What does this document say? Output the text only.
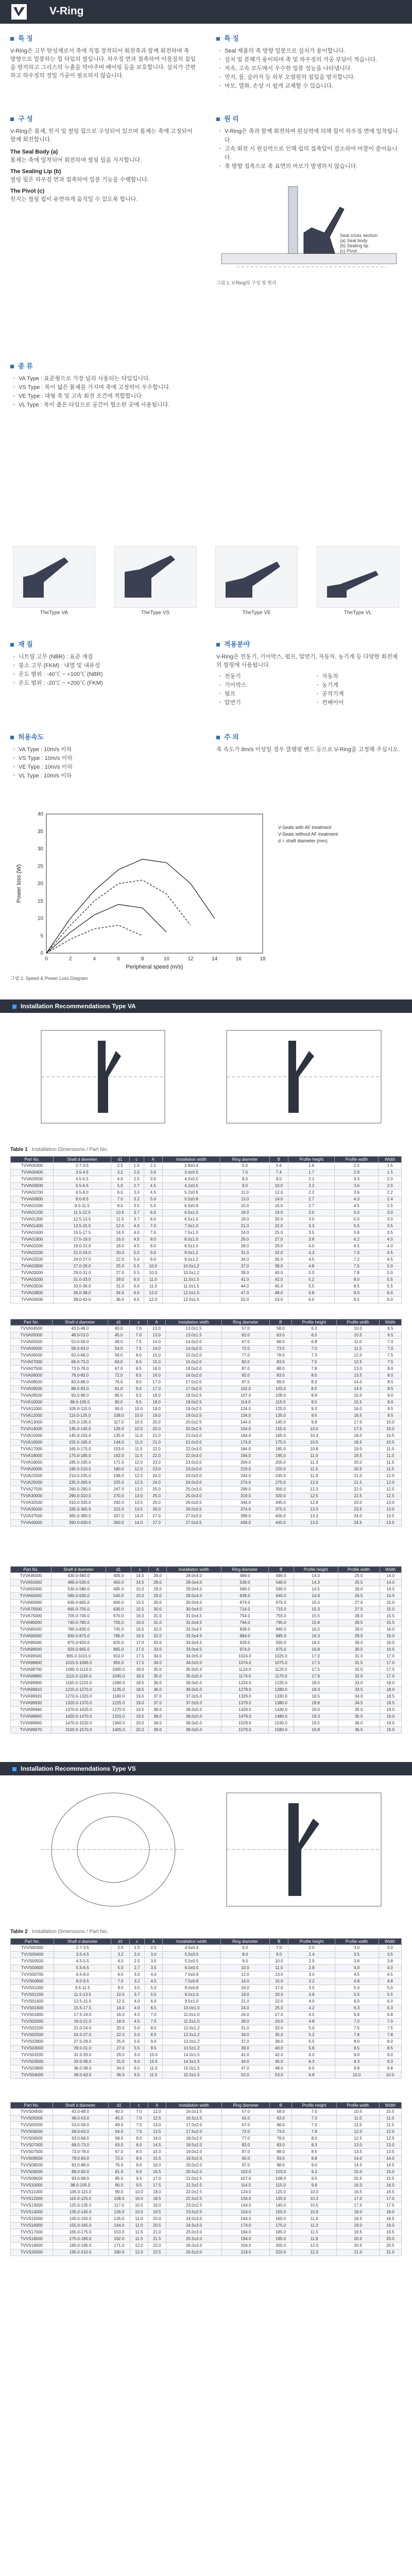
V-Ring
특 징

V-Ring은 고무 탄성체로서 축에 직접 장착되어 회전축과 함께 회전하며 축 방향으로 밀봉하는 립 타입의 씰입니다. 하우징 면과 접촉하여 이물질의 침입을 방지하고 그리스의 누출을 막아주며 베어링 등을 보호합니다. 설치가 간편하고 하우징의 정밀 가공이 필요하지 않습니다.

특 징
· Seal 제품의 축 방향 밀봉으로 설치가 용이합니다.
· 설치 및 분해가 용이하며 축 및 하우징의 가공 부담이 적습니다.
· 저속, 고속 모두에서 우수한 밀봉 성능을 나타냅니다.
· 먼지, 물, 슬러지 등 외부 오염원의 침입을 방지합니다.
· 마모, 열화, 손상 시 쉽게 교체할 수 있습니다.
구 성

V-Ring은 몸체, 힌지 및 씰링 립으로 구성되어 있으며 몸체는 축에 고정되어 함께 회전합니다.

The Seal Body (a)

몸체는 축에 밀착되어 회전하며 씰링 립을 지지합니다.

The Sealing Lip (b)

씰링 립은 하우징 면과 접촉하여 밀봉 기능을 수행합니다.

The Pivot (c)

힌지는 씰링 립이 유연하게 움직일 수 있도록 합니다.

원 리
· V-Ring은 축과 함께 회전하며 원심력에 의해 립이 하우징 면에 밀착됩니다.
· 고속 회전 시 원심력으로 인해 립의 접촉압이 감소하여 마찰이 줄어듭니다.
· 축 방향 접촉으로 축 표면의 마모가 발생하지 않습니다.
Seal cross section
(a) Seal body
(b) Sealing lip
(c) Pivot
그림 1. V-Ring의 구성 및 원리
종 류
· VA Type : 표준형으로 가장 널리 사용되는 타입입니다.
· VS Type : 폭이 넓은 몸체를 가지며 축에 고정력이 우수합니다.
· VE Type : 대형 축 및 고속 회전 조건에 적합합니다.
· VL Type : 폭이 좁은 타입으로 공간이 협소한 곳에 사용됩니다.
TheType VA	TheType VS	TheType VE	TheType VL
재 질
· 니트릴 고무 (NBR) : 표준 재질
· 불소 고무 (FKM) : 내열 및 내유성
· 온도 범위 : -40℃ ~ +100℃ (NBR)
· 온도 범위 : -20℃ ~ +200℃ (FKM)
적용분야

V-Ring은 전동기, 기어박스, 펌프, 압연기, 자동차, 농기계 등 다양한 회전체의 씰링에 사용됩니다.

· 전동기
· 기어박스
· 펌프
· 압연기
· 자동차
· 농기계
· 공작기계
· 컨베이어
허용속도
· VA Type : 10m/s 이하
· VS Type : 10m/s 이하
· VE Type : 10m/s 이하
· VL Type : 10m/s 이하
주 의

축 속도가 8m/s 이상일 경우 클램핑 밴드 등으로 V-Ring을 고정해 주십시오.

0	2	4	6	8	10	12	14	16	18
0
5
10
15
20
25
30
35
40
Peripheral speed (m/s)
Power loss (W)
그림 2. Speed & Power Loss Diagram
V-Seals with AF treatment
V-Seals without AF treatment
d = shaft diameter (mm)
Installation Recommendations Type VA
Table 1 Installation Dimensions / Part No.
Part No.	Shaft d diameter	d1	c	A	Installation width	Ring diameter	B	Profile height	Profile width	Width
TVVA00300	2.7-3.5	2.5	1.5	2.1	2.9±0.4	5.0	5.6	1.6	2.5	1.5
TVVA00400	3.5-4.5	3.2	2.0	3.0	3.4±0.5	7.0	7.4	1.7	2.9	1.5
TVVA00500	4.5-5.5	4.0	2.5	3.5	4.2±0.5	8.0	9.0	2.1	3.3	2.0
TVVA00600	5.5-6.5	5.0	2.7	4.5	4.2±0.5	9.0	10.0	2.2	3.6	2.0
TVVA00700	6.5-8.0	6.0	3.0	4.5	5.2±0.6	11.0	12.0	2.2	3.6	2.2
TVVA00800	8.0-9.5	7.0	3.2	5.0	5.5±0.8	13.0	14.0	2.7	4.3	2.4
TVVA01000	9.5-11.5	9.0	3.5	5.5	6.0±0.8	15.0	16.0	2.7	4.5	2.5
TVVA01200	11.5-12.5	10.5	3.7	6.0	6.5±1.0	18.0	19.0	3.0	5.0	3.0
TVVA01300	12.5-13.5	11.5	3.7	6.0	6.5±1.0	19.0	20.0	3.0	5.0	3.0
TVVA01400	13.5-15.5	12.5	4.0	7.0	7.0±1.0	21.0	22.0	3.3	5.5	3.5
TVVA01600	15.5-17.5	14.0	4.0	7.0	7.5±1.0	24.0	25.0	3.5	5.8	3.5
TVVA01800	17.5-19.0	16.0	4.5	8.0	8.0±1.0	26.0	27.0	3.8	6.2	4.0
TVVA02000	19.0-21.0	18.0	4.5	8.0	8.5±1.0	28.0	29.0	4.0	6.5	4.0
TVVA02200	21.0-24.0	20.0	5.0	9.0	9.0±1.2	31.0	32.0	4.3	7.0	4.5
TVVA02500	24.0-27.0	22.0	5.0	9.0	9.0±1.2	34.0	35.0	4.5	7.2	4.5
TVVA02800	27.0-29.0	25.0	5.5	10.0	10.0±1.2	37.0	38.0	4.8	7.5	5.0
TVVA03000	29.0-31.0	27.0	5.5	10.0	10.0±1.2	39.0	40.0	5.0	7.8	5.0
TVVA03200	31.0-33.0	29.0	6.0	11.0	11.0±1.5	41.0	42.0	5.2	8.0	5.5
TVVA03500	33.0-36.0	31.0	6.0	11.0	11.0±1.5	44.0	45.0	5.5	8.5	5.5
TVVA03800	36.0-38.0	34.0	6.5	12.0	12.0±1.5	47.0	48.0	5.8	9.0	6.0
TVVA04000	38.0-43.0	36.0	6.5	12.0	12.0±1.5	52.0	53.0	6.0	9.5	6.0
Part No.	Shaft d diameter	d1	c	A	Installation width	Ring diameter	B	Profile height	Profile width	Width
TVVA04500	43.0-48.0	40.0	7.0	13.0	13.0±1.5	57.0	58.0	6.3	10.0	6.5
TVVA05000	48.0-53.0	45.0	7.0	13.0	13.0±1.5	62.0	63.0	6.5	10.5	6.5
TVVA05500	53.0-58.0	49.0	7.5	14.0	14.0±2.0	67.0	68.0	6.8	11.0	7.0
TVVA06000	58.0-63.0	54.0	7.5	14.0	14.0±2.0	72.0	73.0	7.0	11.5	7.0
TVVA06500	63.0-68.0	58.0	8.0	15.0	15.0±2.0	77.0	78.0	7.3	12.0	7.5
TVVA07000	68.0-73.0	63.0	8.0	15.0	15.0±2.0	82.0	83.0	7.5	12.5	7.5
TVVA07500	73.0-78.0	67.0	8.5	16.0	16.0±2.0	87.0	88.0	7.8	13.0	8.0
TVVA08000	78.0-83.0	72.0	8.5	16.0	16.0±2.0	92.0	93.0	8.0	13.5	8.0
TVVA08500	83.0-88.0	76.0	9.0	17.0	17.0±2.0	97.0	98.0	8.3	14.0	8.5
TVVA09000	88.0-93.0	81.0	9.0	17.0	17.0±2.0	102.0	103.0	8.5	14.5	8.5
TVVA09500	93.0-98.0	85.0	9.5	18.0	18.0±2.5	107.0	108.0	8.8	15.0	9.0
TVVA10000	98.0-105.0	90.0	9.5	18.0	18.0±2.5	114.0	115.0	9.0	15.5	9.0
TVVA11000	105.0-115.0	99.0	10.0	19.0	19.0±2.5	124.0	125.0	9.3	16.0	9.5
TVVA12000	115.0-125.0	108.0	10.0	19.0	19.0±2.5	134.0	135.0	9.5	16.5	9.5
TVVA13000	125.0-135.0	117.0	10.5	20.0	20.0±2.5	144.0	145.0	9.8	17.0	10.0
TVVA14000	135.0-145.0	126.0	10.5	20.0	20.0±2.5	154.0	155.0	10.0	17.5	10.0
TVVA15000	145.0-155.0	135.0	11.0	21.0	21.0±3.0	164.0	165.0	10.3	18.0	10.5
TVVA16000	155.0-165.0	144.0	11.0	21.0	21.0±3.0	174.0	175.0	10.5	18.5	10.5
TVVA17000	165.0-175.0	153.0	11.5	22.0	22.0±3.0	184.0	185.0	10.8	19.0	11.0
TVVA18000	175.0-185.0	162.0	11.5	22.0	22.0±3.0	194.0	195.0	11.0	19.5	11.0
TVVA19000	185.0-195.0	171.0	12.0	23.0	23.0±3.0	204.0	205.0	11.3	20.0	11.5
TVVA20000	195.0-210.0	180.0	12.0	23.0	23.0±3.0	219.0	220.0	11.5	20.5	11.5
TVVA22000	210.0-235.0	198.0	12.5	24.0	24.0±3.0	244.0	245.0	11.8	21.0	12.0
TVVA25000	235.0-265.0	225.0	12.5	24.0	24.0±3.0	274.0	275.0	12.0	21.5	12.0
TVVA27500	265.0-290.0	247.0	13.0	25.0	25.0±3.0	299.0	300.0	12.3	22.0	12.5
TVVA30000	290.0-310.0	270.0	13.0	25.0	25.0±3.0	319.0	320.0	12.5	22.5	12.5
TVVA32500	310.0-335.0	292.0	13.5	26.0	26.0±3.5	344.0	345.0	12.8	23.0	13.0
TVVA35000	335.0-365.0	315.0	13.5	26.0	26.0±3.5	374.0	375.0	13.0	23.5	13.0
TVVA37500	365.0-390.0	337.0	14.0	27.0	27.0±3.5	399.0	400.0	13.3	24.0	13.5
TVVA40000	390.0-430.0	360.0	14.0	27.0	27.0±3.5	439.0	440.0	13.5	24.5	13.5
Part No.	Shaft d diameter	d1	c	A	Installation width	Ring diameter	B	Profile height	Profile width	Width
TVVA45000	430.0-480.0	405.0	14.5	28.0	28.0±4.0	489.0	490.0	14.0	25.0	14.0
TVVA50000	480.0-530.0	450.0	14.5	28.0	28.0±4.0	539.0	540.0	14.3	25.5	14.0
TVVA55000	530.0-580.0	495.0	15.0	29.0	29.0±4.0	589.0	590.0	14.5	26.0	14.5
TVVA60000	580.0-630.0	540.0	15.0	29.0	29.0±4.0	639.0	640.0	14.8	26.5	14.5
TVVA65000	630.0-665.0	600.0	15.5	30.0	30.0±4.0	674.0	675.0	15.0	27.0	15.0
TVVA70000	665.0-705.0	630.0	15.5	30.0	30.0±4.0	714.0	715.0	15.3	27.5	15.0
TVVA75000	705.0-745.0	670.0	16.0	31.0	31.0±4.5	754.0	755.0	15.5	28.0	15.5
TVVA80000	745.0-785.0	705.0	16.0	31.0	31.0±4.5	794.0	795.0	15.8	28.5	15.5
TVVA85000	785.0-830.0	745.0	16.5	32.0	32.0±4.5	839.0	840.0	16.0	29.0	16.0
TVVA90000	830.0-875.0	785.0	16.5	32.0	32.0±4.5	884.0	885.0	16.3	29.5	16.0
TVVA95000	875.0-920.0	825.0	17.0	33.0	33.0±4.5	929.0	930.0	16.5	30.0	16.5
TVVA99000	920.0-965.0	865.0	17.0	33.0	33.0±4.5	974.0	975.0	16.8	30.5	16.5
TVVA99500	965.0-1015.0	910.0	17.5	34.0	34.0±5.0	1024.0	1025.0	17.0	31.0	17.0
TVVA99600	1015.0-1065.0	955.0	17.5	34.0	34.0±5.0	1074.0	1075.0	17.3	31.5	17.0
TVVA99700	1065.0-1115.0	1000.0	18.0	35.0	35.0±5.0	1124.0	1125.0	17.5	32.0	17.5
TVVA99800	1115.0-1165.0	1045.0	18.0	35.0	35.0±5.0	1174.0	1175.0	17.8	32.5	17.5
TVVA99900	1165.0-1215.0	1090.0	18.5	36.0	36.0±5.0	1224.0	1225.0	18.0	33.0	18.0
TVVA99910	1215.0-1270.0	1135.0	18.5	36.0	36.0±5.0	1279.0	1280.0	18.3	33.5	18.0
TVVA99920	1270.0-1320.0	1180.0	19.0	37.0	37.0±5.0	1329.0	1330.0	18.5	34.0	18.5
TVVA99930	1320.0-1370.0	1225.0	19.0	37.0	37.0±5.0	1379.0	1380.0	18.8	34.5	18.5
TVVA99940	1370.0-1420.0	1270.0	19.5	38.0	38.0±5.0	1429.0	1430.0	19.0	35.0	19.0
TVVA99950	1420.0-1470.0	1315.0	19.5	38.0	38.0±5.0	1479.0	1480.0	19.3	35.5	19.0
TVVA99960	1470.0-1520.0	1360.0	20.0	39.0	39.0±5.0	1529.0	1530.0	19.5	36.0	19.5
TVVA99970	1520.0-1570.0	1405.0	20.0	39.0	39.0±5.0	1579.0	1580.0	19.8	36.5	19.5
Installation Recommendations Type VS
Table 2 Installation Dimensions / Part No.
Part No.	Shaft d diameter	d1	c	A	Installation width	Ring diameter	B	Profile height	Profile width	Width
TVVS00300	2.7-3.5	2.5	1.5	2.5	4.5±0.4	6.0	7.0	2.0	3.0	3.0
TVVS00400	3.5-4.5	3.2	2.0	3.0	5.5±0.5	8.0	9.0	2.4	3.5	3.5
TVVS00500	4.5-5.5	4.0	2.5	3.5	5.5±0.5	9.0	10.0	2.5	3.8	3.8
TVVS00600	5.5-6.5	5.0	2.7	3.5	6.0±0.5	10.0	11.0	2.8	4.0	4.0
TVVS00700	6.5-8.0	6.0	3.0	4.0	7.0±0.6	12.0	13.0	3.0	4.5	4.5
TVVS00800	8.0-9.5	7.0	3.2	4.5	7.5±0.8	14.0	15.0	3.2	4.8	4.8
TVVS01000	9.5-11.5	9.0	3.5	5.0	8.0±0.8	16.0	17.0	3.5	5.0	5.0
TVVS01200	11.5-13.5	10.5	3.7	5.5	9.0±1.0	19.0	20.0	3.8	5.5	5.5
TVVS01400	13.5-15.5	12.5	4.0	6.0	9.5±1.0	21.0	22.0	4.0	6.0	6.0
TVVS01600	15.5-17.5	14.0	4.0	6.5	10.0±1.0	24.0	25.0	4.2	6.3	6.3
TVVS01800	17.5-19.0	16.0	4.5	7.0	11.0±1.0	26.0	27.0	4.5	6.8	6.8
TVVS02000	19.0-21.0	18.0	4.5	7.5	11.5±1.0	28.0	29.0	4.8	7.0	7.0
TVVS02200	21.0-24.0	20.0	5.0	8.0	12.0±1.2	31.0	32.0	5.0	7.5	7.5
TVVS02500	24.0-27.0	22.0	5.0	8.5	12.5±1.2	34.0	35.0	5.2	7.8	7.8
TVVS02800	27.0-29.0	25.0	5.5	9.0	13.0±1.2	37.0	38.0	5.5	8.0	8.0
TVVS03000	29.0-31.0	27.0	5.5	9.5	13.5±1.2	39.0	40.0	5.8	8.5	8.5
TVVS03200	31.0-33.0	29.0	6.0	10.0	14.0±1.5	41.0	42.0	6.0	9.0	9.0
TVVS03500	33.0-36.0	31.0	6.0	10.5	14.5±1.5	44.0	45.0	6.3	9.3	9.3
TVVS03800	36.0-38.0	34.0	6.5	11.0	15.0±1.5	47.0	48.0	6.5	9.8	9.8
TVVS04000	38.0-43.0	36.0	6.5	11.5	15.5±1.5	52.0	53.0	6.8	10.0	10.0
Part No.	Shaft d diameter	d1	c	A	Installation width	Ring diameter	B	Profile height	Profile width	Width
TVVS04500	43.0-48.0	40.0	7.0	12.0	16.0±1.5	57.0	58.0	7.0	10.5	10.5
TVVS05000	48.0-53.0	45.0	7.0	12.5	16.5±1.5	62.0	63.0	7.3	11.0	11.0
TVVS05500	53.0-58.0	49.0	7.5	13.0	17.0±2.0	67.0	68.0	7.5	11.5	11.5
TVVS06000	58.0-63.0	54.0	7.5	13.5	17.5±2.0	72.0	73.0	7.8	12.0	12.0
TVVS06500	63.0-68.0	58.0	8.0	14.0	18.0±2.0	77.0	78.0	8.0	12.5	12.5
TVVS07000	68.0-73.0	63.0	8.0	14.5	18.5±2.0	82.0	83.0	8.3	13.0	13.0
TVVS07500	73.0-78.0	67.0	8.5	15.0	19.0±2.0	87.0	88.0	8.5	13.5	13.5
TVVS08000	78.0-83.0	72.0	8.5	15.5	19.5±2.0	92.0	93.0	8.8	14.0	14.0
TVVS08500	83.0-88.0	76.0	9.0	16.0	20.0±2.0	97.0	98.0	9.0	14.5	14.5
TVVS09000	88.0-93.0	81.0	9.0	16.5	20.5±2.0	102.0	103.0	9.3	15.0	15.0
TVVS09500	93.0-98.0	85.0	9.5	17.0	21.0±2.5	107.0	108.0	9.5	15.5	15.5
TVVS10000	98.0-105.0	90.0	9.5	17.5	21.5±2.5	114.0	115.0	9.8	16.0	16.0
TVVS11000	105.0-115.0	99.0	10.0	18.0	22.0±2.5	124.0	125.0	10.0	16.5	16.5
TVVS12000	115.0-125.0	108.0	10.0	18.5	22.5±2.5	134.0	135.0	10.3	17.0	17.0
TVVS13000	125.0-135.0	117.0	10.5	19.0	23.0±2.5	144.0	145.0	10.5	17.5	17.5
TVVS14000	135.0-145.0	126.0	10.5	19.5	23.5±2.5	154.0	155.0	10.8	18.0	18.0
TVVS15000	145.0-155.0	135.0	11.0	20.0	24.0±3.0	164.0	165.0	11.0	18.5	18.5
TVVS16000	155.0-165.0	144.0	11.0	20.5	24.5±3.0	174.0	175.0	11.3	19.0	19.0
TVVS17000	165.0-175.0	153.0	11.5	21.0	25.0±3.0	184.0	185.0	11.5	19.5	19.5
TVVS18000	175.0-185.0	162.0	11.5	21.5	25.5±3.0	194.0	195.0	11.8	20.0	20.0
TVVS19000	185.0-195.0	171.0	12.0	22.0	26.0±3.0	204.0	205.0	12.0	20.5	20.5
TVVS20000	195.0-210.0	180.0	12.0	22.5	26.5±3.0	219.0	220.0	12.3	21.0	21.0
